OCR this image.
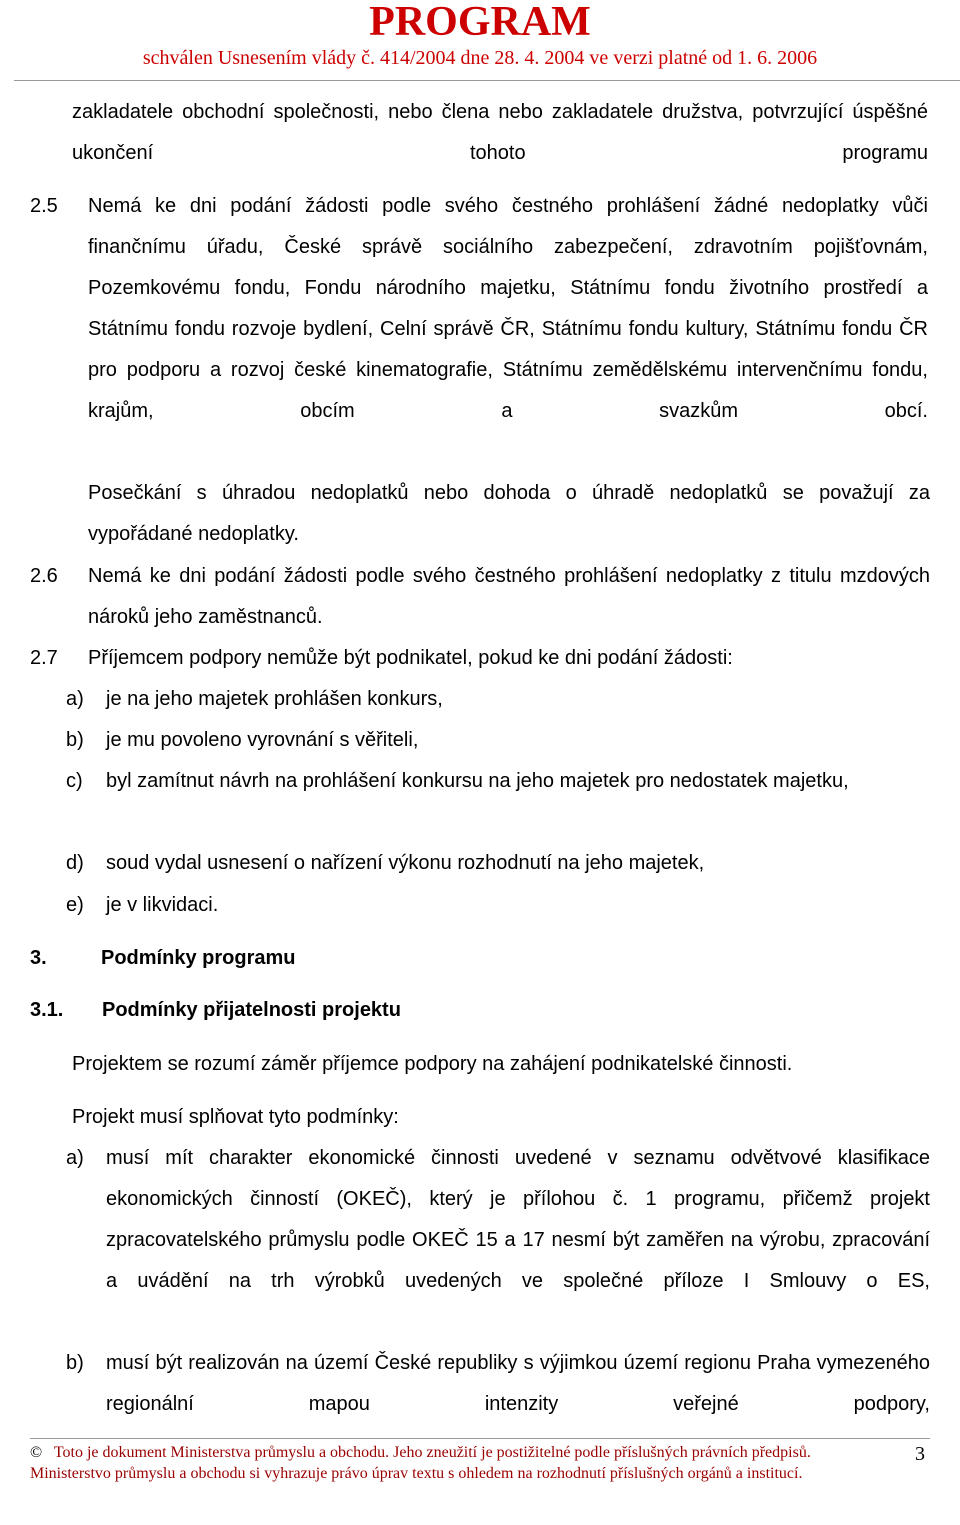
PROGRAM
schválen Usnesením vlády č. 414/2004 dne 28. 4. 2004 ve verzi platné od 1. 6. 2006

zakladatele obchodní společnosti, nebo člena nebo zakladatele družstva, potvrzující úspěšné ukončení tohoto programu

2.5 Nemá ke dni podání žádosti podle svého čestného prohlášení žádné nedoplatky vůči finančnímu úřadu, České správě sociálního zabezpečení, zdravotním pojišťovnám, Pozemkovému fondu, Fondu národního majetku, Státnímu fondu životního prostředí a Státnímu fondu rozvoje bydlení, Celní správě ČR, Státnímu fondu kultury, Státnímu fondu ČR pro podporu a rozvoj české kinematografie, Státnímu zemědělskému intervenčnímu fondu, krajům, obcím a svazkům obcí.

Posečkání s úhradou nedoplatků nebo dohoda o úhradě nedoplatků se považují za vypořádané nedoplatky.

2.6 Nemá ke dni podání žádosti podle svého čestného prohlášení nedoplatky z titulu mzdových nároků jeho zaměstnanců.

2.7 Příjemcem podpory nemůže být podnikatel, pokud ke dni podání žádosti:

a) je na jeho majetek prohlášen konkurs,

b) je mu povoleno vyrovnání s věřiteli,

c) byl zamítnut návrh na prohlášení konkursu na jeho majetek pro nedostatek majetku,

d) soud vydal usnesení o nařízení výkonu rozhodnutí na jeho majetek,

e) je v likvidaci.

3.	Podmínky programu
3.1. Podmínky přijatelnosti projektu

Projektem se rozumí záměr příjemce podpory na zahájení podnikatelské činnosti.

Projekt musí splňovat tyto podmínky:

a) musí mít charakter ekonomické činnosti uvedené v seznamu odvětvové klasifikace ekonomických činností (OKEČ), který je přílohou č. 1 programu, přičemž projekt zpracovatelského průmyslu podle OKEČ 15 a 17 nesmí být zaměřen na výrobu, zpracování a uvádění na trh výrobků uvedených ve společné příloze I Smlouvy o ES,

b) musí být realizován na území České republiky s výjimkou území regionu Praha vymezeného regionální mapou intenzity veřejné podpory,

© Toto je dokument Ministerstva průmyslu a obchodu. Jeho zneužití je postižitelné podle příslušných právních předpisů.
Ministerstvo průmyslu a obchodu si vyhrazuje právo úprav textu s ohledem na rozhodnutí příslušných orgánů a institucí.
3
